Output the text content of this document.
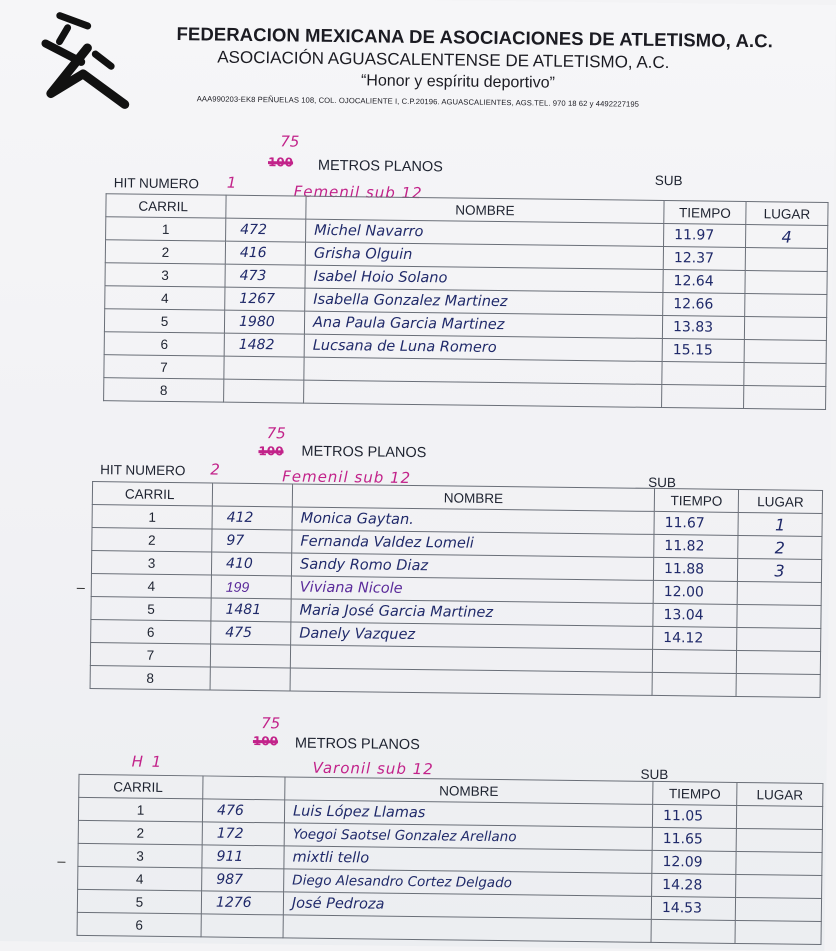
FEDERACION MEXICANA DE ASOCIACIONES DE ATLETISMO, A.C.
ASOCIACIÓN AGUASCALENTENSE DE ATLETISMO, A.C.
“Honor y espíritu deportivo”
AAA990203-EK8 PEÑUELAS 108, COL. OJOCALIENTE I, C.P.20196. AGUASCALIENTES, AGS.TEL. 970 18 62 y 4492227195
75
100 METROS PLANOS
SUB
HIT NUMERO 1	Femenil sub 12
CARRIL		NOMBRE	TIEMPO	LUGAR
1	472	Michel Navarro	11.97	4
2	416	Grisha Olguin	12.37	
3	473	Isabel Hoio Solano	12.64	
4	1267	Isabella Gonzalez Martinez	12.66	
5	1980	Ana Paula Garcia Martinez	13.83	
6	1482	Lucsana de Luna Romero	15.15	
7				
8				
75
100 METROS PLANOS
SUB
HIT NUMERO 2	Femenil sub 12
CARRIL		NOMBRE	TIEMPO	LUGAR
1	412	Monica Gaytan.	11.67	1
2	97	Fernanda Valdez Lomeli	11.82	2
3	410	Sandy Romo Diaz	11.88	3
4	199	Viviana Nicole	12.00	
5	1481	Maria José Garcia Martinez	13.04	
6	475	Danely Vazquez	14.12	
7				
8				
75
100 METROS PLANOS
SUB
H 1	Varonil sub 12
CARRIL		NOMBRE	TIEMPO	LUGAR
1	476	Luis López Llamas	11.05	
2	172	Yoegoi Saotsel Gonzalez Arellano	11.65	
3	911	mixtli tello	12.09	
4	987	Diego Alesandro Cortez Delgado	14.28	
5	1276	José Pedroza	14.53	
6				
